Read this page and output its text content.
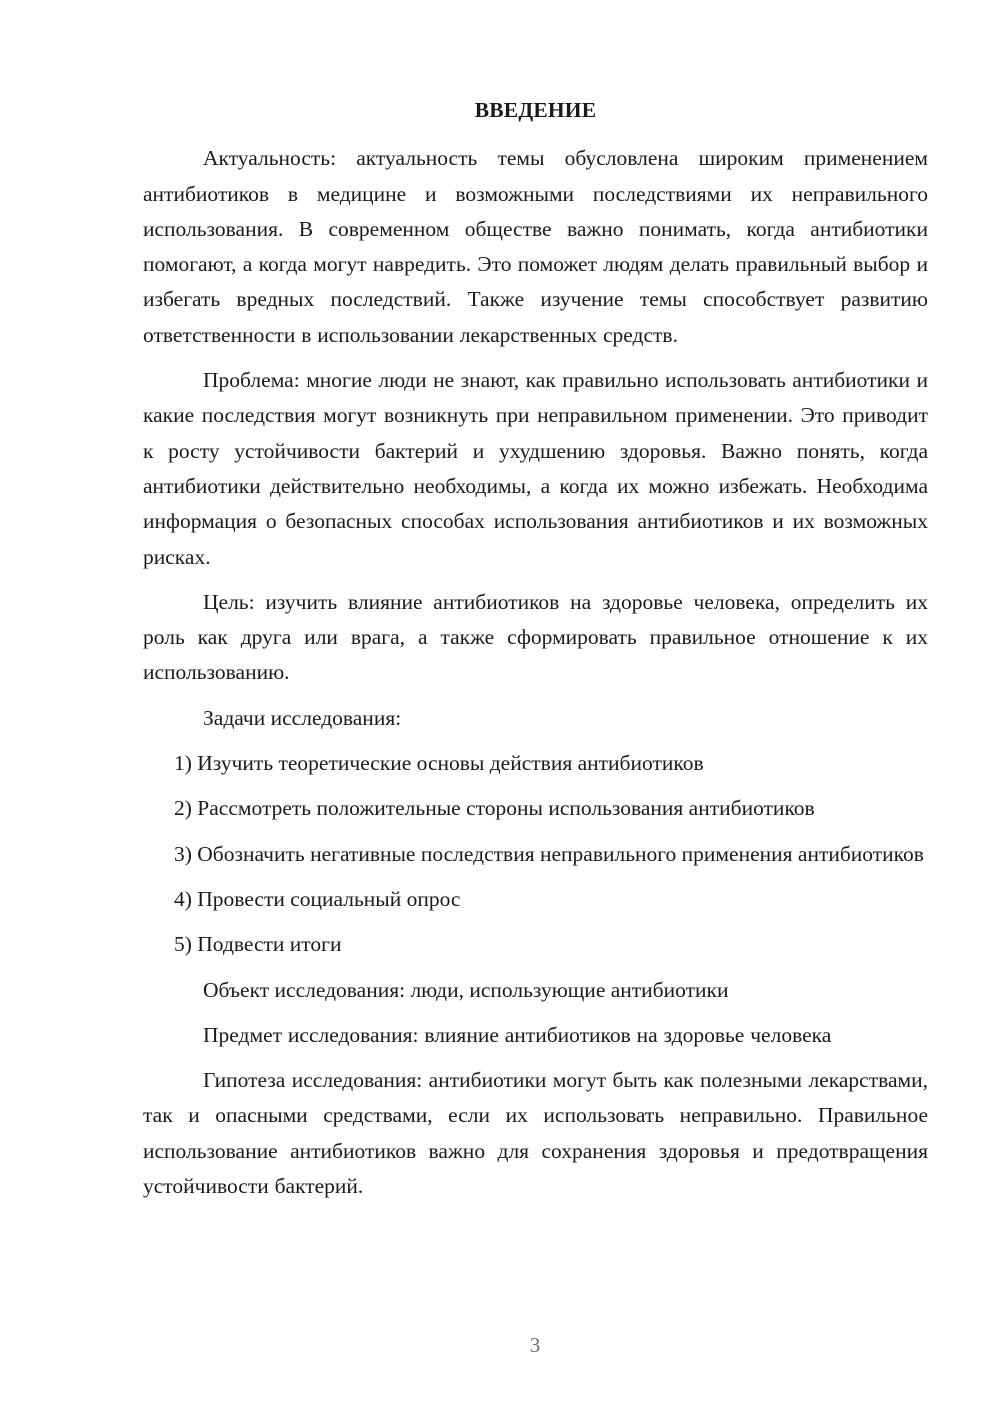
ВВЕДЕНИЕ

Актуальность: актуальность темы обусловлена широким применением антибиотиков в медицине и возможными последствиями их неправильного использования. В современном обществе важно понимать, когда антибиотики помогают, а когда могут навредить. Это поможет людям делать правильный выбор и избегать вредных последствий. Также изучение темы способствует развитию ответственности в использовании лекарственных средств.

Проблема: многие люди не знают, как правильно использовать антибиотики и какие последствия могут возникнуть при неправильном применении. Это приводит к росту устойчивости бактерий и ухудшению здоровья. Важно понять, когда антибиотики действительно необходимы, а когда их можно избежать. Необходима информация о безопасных способах использования антибиотиков и их возможных рисках.

Цель: изучить влияние антибиотиков на здоровье человека, определить их роль как друга или врага, а также сформировать правильное отношение к их использованию.

Задачи исследования:

1) Изучить теоретические основы действия антибиотиков

2) Рассмотреть положительные стороны использования антибиотиков

3) Обозначить негативные последствия неправильного применения антибиотиков

4) Провести социальный опрос

5) Подвести итоги

Объект исследования: люди, использующие антибиотики

Предмет исследования: влияние антибиотиков на здоровье человека

Гипотеза исследования: антибиотики могут быть как полезными лекарствами, так и опасными средствами, если их использовать неправильно. Правильное использование антибиотиков важно для сохранения здоровья и предотвращения устойчивости бактерий.

3
